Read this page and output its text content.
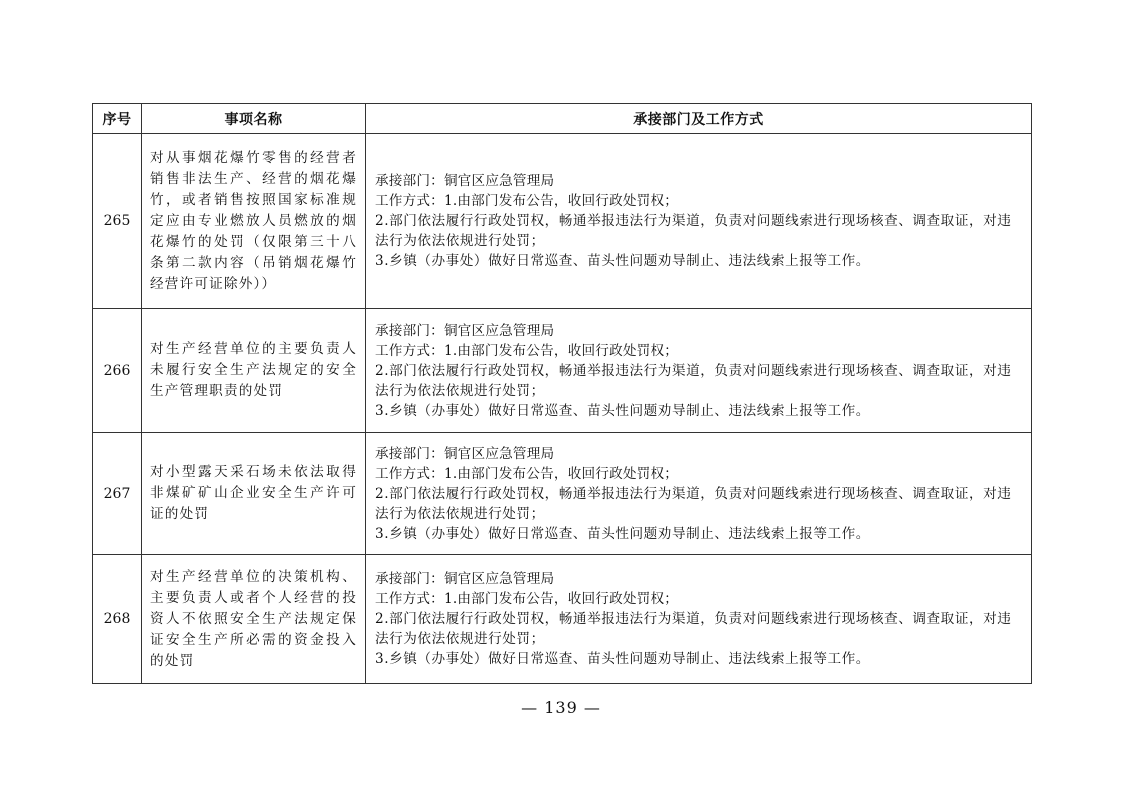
序号	事项名称	承接部门及工作方式
265	对从事烟花爆竹零售的经营者销售非法生产、经营的烟花爆竹，或者销售按照国家标准规定应由专业燃放人员燃放的烟花爆竹的处罚（仅限第三十八条第二款内容（吊销烟花爆竹经营许可证除外））	承接部门：铜官区应急管理局
工作方式：1.由部门发布公告，收回行政处罚权；
2.部门依法履行行政处罚权，畅通举报违法行为渠道，负责对问题线索进行现场核查、调查取证，对违法行为依法依规进行处罚；
3.乡镇（办事处）做好日常巡查、苗头性问题劝导制止、违法线索上报等工作。

266	对生产经营单位的主要负责人未履行安全生产法规定的安全生产管理职责的处罚	承接部门：铜官区应急管理局
工作方式：1.由部门发布公告，收回行政处罚权；
2.部门依法履行行政处罚权，畅通举报违法行为渠道，负责对问题线索进行现场核查、调查取证，对违法行为依法依规进行处罚；
3.乡镇（办事处）做好日常巡查、苗头性问题劝导制止、违法线索上报等工作。

267	对小型露天采石场未依法取得非煤矿矿山企业安全生产许可证的处罚	承接部门：铜官区应急管理局
工作方式：1.由部门发布公告，收回行政处罚权；
2.部门依法履行行政处罚权，畅通举报违法行为渠道，负责对问题线索进行现场核查、调查取证，对违法行为依法依规进行处罚；
3.乡镇（办事处）做好日常巡查、苗头性问题劝导制止、违法线索上报等工作。

268	对生产经营单位的决策机构、主要负责人或者个人经营的投资人不依照安全生产法规定保证安全生产所必需的资金投入的处罚	承接部门：铜官区应急管理局
工作方式：1.由部门发布公告，收回行政处罚权；
2.部门依法履行行政处罚权，畅通举报违法行为渠道，负责对问题线索进行现场核查、调查取证，对违法行为依法依规进行处罚；
3.乡镇（办事处）做好日常巡查、苗头性问题劝导制止、违法线索上报等工作。
— 139 —
